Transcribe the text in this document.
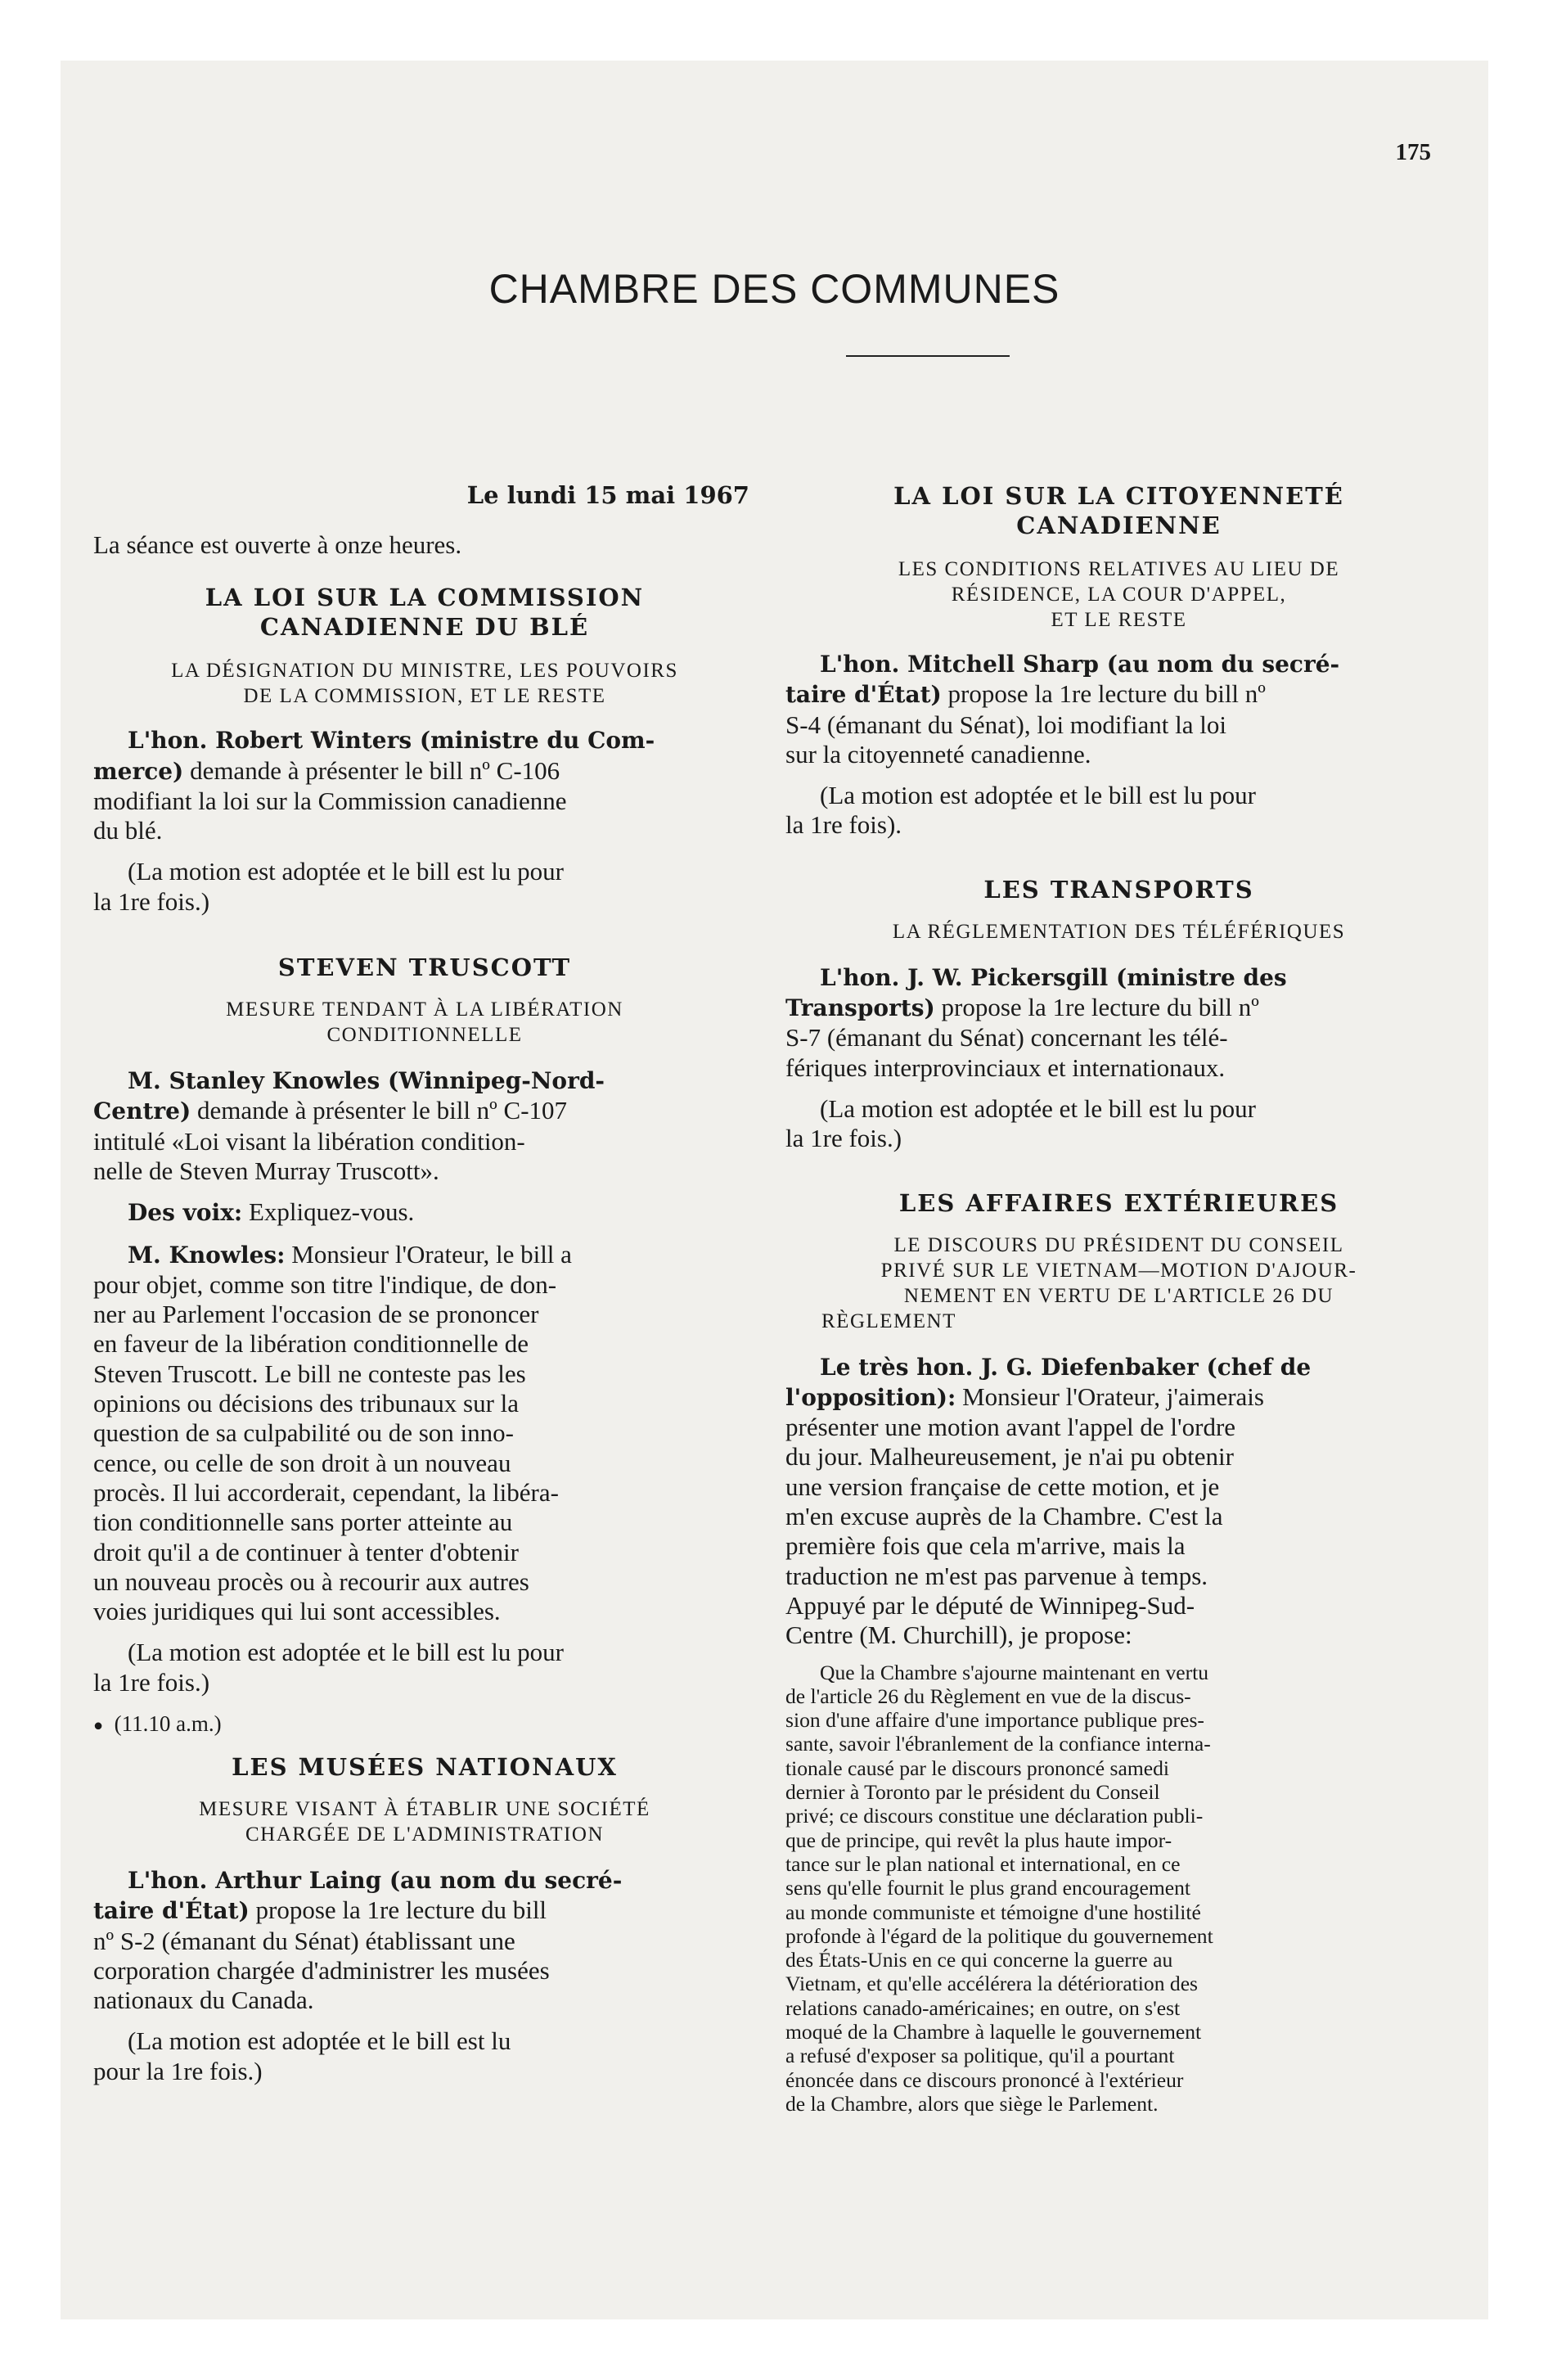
175
CHAMBRE DES COMMUNES

Le lundi 15 mai 1967

La séance est ouverte à onze heures.

LA LOI SUR LA COMMISSION

CANADIENNE DU BLÉ

LA DÉSIGNATION DU MINISTRE, LES POUVOIRS

DE LA COMMISSION, ET LE RESTE

L'hon. Robert Winters (ministre du Com-

merce) demande à présenter le bill nº C-106

modifiant la loi sur la Commission canadienne

du blé.

(La motion est adoptée et le bill est lu pour

la 1re fois.)

STEVEN TRUSCOTT

MESURE TENDANT À LA LIBÉRATION

CONDITIONNELLE

M. Stanley Knowles (Winnipeg-Nord-

Centre) demande à présenter le bill nº C-107

intitulé «Loi visant la libération condition-

nelle de Steven Murray Truscott».

Des voix: Expliquez-vous.

M. Knowles: Monsieur l'Orateur, le bill a

pour objet, comme son titre l'indique, de don-

ner au Parlement l'occasion de se prononcer

en faveur de la libération conditionnelle de

Steven Truscott. Le bill ne conteste pas les

opinions ou décisions des tribunaux sur la

question de sa culpabilité ou de son inno-

cence, ou celle de son droit à un nouveau

procès. Il lui accorderait, cependant, la libéra-

tion conditionnelle sans porter atteinte au

droit qu'il a de continuer à tenter d'obtenir

un nouveau procès ou à recourir aux autres

voies juridiques qui lui sont accessibles.

(La motion est adoptée et le bill est lu pour

la 1re fois.)

● (11.10 a.m.)

LES MUSÉES NATIONAUX

MESURE VISANT À ÉTABLIR UNE SOCIÉTÉ

CHARGÉE DE L'ADMINISTRATION

L'hon. Arthur Laing (au nom du secré-

taire d'État) propose la 1re lecture du bill

nº S-2 (émanant du Sénat) établissant une

corporation chargée d'administrer les musées

nationaux du Canada.

(La motion est adoptée et le bill est lu

pour la 1re fois.)

LA LOI SUR LA CITOYENNETÉ

CANADIENNE

LES CONDITIONS RELATIVES AU LIEU DE

RÉSIDENCE, LA COUR D'APPEL,

ET LE RESTE

L'hon. Mitchell Sharp (au nom du secré-

taire d'État) propose la 1re lecture du bill nº

S-4 (émanant du Sénat), loi modifiant la loi

sur la citoyenneté canadienne.

(La motion est adoptée et le bill est lu pour

la 1re fois).

LES TRANSPORTS

LA RÉGLEMENTATION DES TÉLÉFÉRIQUES

L'hon. J. W. Pickersgill (ministre des

Transports) propose la 1re lecture du bill nº

S-7 (émanant du Sénat) concernant les télé-

fériques interprovinciaux et internationaux.

(La motion est adoptée et le bill est lu pour

la 1re fois.)

LES AFFAIRES EXTÉRIEURES

LE DISCOURS DU PRÉSIDENT DU CONSEIL

PRIVÉ SUR LE VIETNAM—MOTION D'AJOUR-

NEMENT EN VERTU DE L'ARTICLE 26 DU

RÈGLEMENT

Le très hon. J. G. Diefenbaker (chef de

l'opposition): Monsieur l'Orateur, j'aimerais

présenter une motion avant l'appel de l'ordre

du jour. Malheureusement, je n'ai pu obtenir

une version française de cette motion, et je

m'en excuse auprès de la Chambre. C'est la

première fois que cela m'arrive, mais la

traduction ne m'est pas parvenue à temps.

Appuyé par le député de Winnipeg-Sud-

Centre (M. Churchill), je propose:

Que la Chambre s'ajourne maintenant en vertu

de l'article 26 du Règlement en vue de la discus-

sion d'une affaire d'une importance publique pres-

sante, savoir l'ébranlement de la confiance interna-

tionale causé par le discours prononcé samedi

dernier à Toronto par le président du Conseil

privé; ce discours constitue une déclaration publi-

que de principe, qui revêt la plus haute impor-

tance sur le plan national et international, en ce

sens qu'elle fournit le plus grand encouragement

au monde communiste et témoigne d'une hostilité

profonde à l'égard de la politique du gouvernement

des États-Unis en ce qui concerne la guerre au

Vietnam, et qu'elle accélérera la détérioration des

relations canado-américaines; en outre, on s'est

moqué de la Chambre à laquelle le gouvernement

a refusé d'exposer sa politique, qu'il a pourtant

énoncée dans ce discours prononcé à l'extérieur

de la Chambre, alors que siège le Parlement.
